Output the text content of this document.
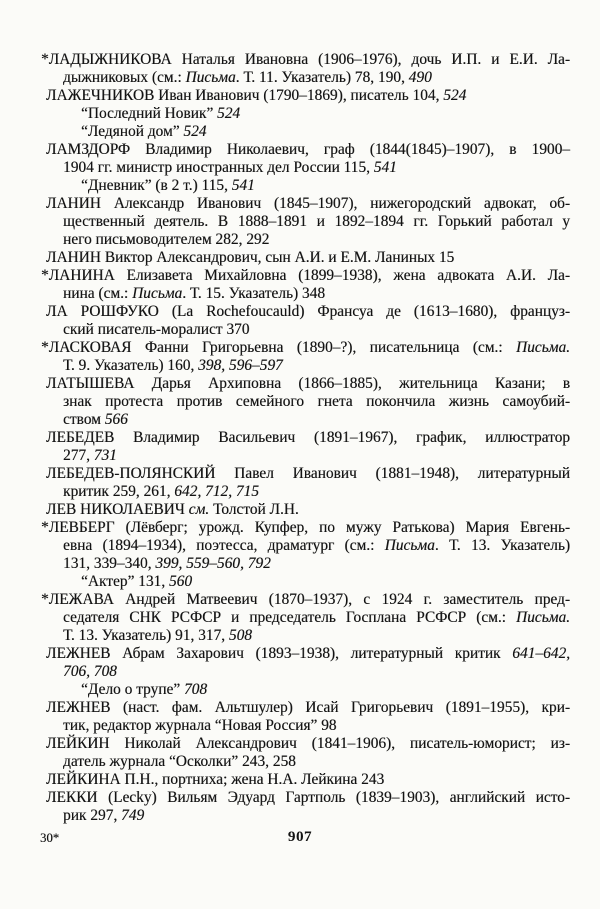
*ЛАДЫЖНИКОВА Наталья Ивановна (1906–1976), дочь И.П. и Е.И. Ла-
дыжниковых (см.: Письма. Т. 11. Указатель) 78, 190, 490
ЛАЖЕЧНИКОВ Иван Иванович (1790–1869), писатель 104, 524
“Последний Новик” 524
“Ледяной дом” 524
ЛАМЗДОРФ Владимир Николаевич, граф (1844(1845)–1907), в 1900–
1904 гг. министр иностранных дел России 115, 541
“Дневник” (в 2 т.) 115, 541
ЛАНИН Александр Иванович (1845–1907), нижегородский адвокат, об-
щественный деятель. В 1888–1891 и 1892–1894 гг. Горький работал у
него письмоводителем 282, 292
ЛАНИН Виктор Александрович, сын А.И. и Е.М. Ланиных 15
*ЛАНИНА Елизавета Михайловна (1899–1938), жена адвоката А.И. Ла-
нина (см.: Письма. Т. 15. Указатель) 348
ЛА РОШФУКО (La Rochefoucauld) Франсуа де (1613–1680), француз-
ский писатель-моралист 370
*ЛАСКОВАЯ Фанни Григорьевна (1890–?), писательница (см.: Письма.
Т. 9. Указатель) 160, 398, 596–597
ЛАТЫШЕВА Дарья Архиповна (1866–1885), жительница Казани; в
знак протеста против семейного гнета покончила жизнь самоубий-
ством 566
ЛЕБЕДЕВ Владимир Васильевич (1891–1967), график, иллюстратор
277, 731
ЛЕБЕДЕВ-ПОЛЯНСКИЙ Павел Иванович (1881–1948), литературный
критик 259, 261, 642, 712, 715
ЛЕВ НИКОЛАЕВИЧ см. Толстой Л.Н.
*ЛЕВБЕРГ (Лёвберг; урожд. Купфер, по мужу Ратькова) Мария Евгень-
евна (1894–1934), поэтесса, драматург (см.: Письма. Т. 13. Указатель)
131, 339–340, 399, 559–560, 792
“Актер” 131, 560
*ЛЕЖАВА Андрей Матвеевич (1870–1937), с 1924 г. заместитель пред-
седателя СНК РСФСР и председатель Госплана РСФСР (см.: Письма.
Т. 13. Указатель) 91, 317, 508
ЛЕЖНЕВ Абрам Захарович (1893–1938), литературный критик 641–642,
706, 708
“Дело о трупе” 708
ЛЕЖНЕВ (наст. фам. Альтшулер) Исай Григорьевич (1891–1955), кри-
тик, редактор журнала “Новая Россия” 98
ЛЕЙКИН Николай Александрович (1841–1906), писатель-юморист; из-
датель журнала “Осколки” 243, 258
ЛЕЙКИНА П.Н., портниха; жена Н.А. Лейкина 243
ЛЕККИ (Lecky) Вильям Эдуард Гартполь (1839–1903), английский исто-
рик 297, 749
30*	907
